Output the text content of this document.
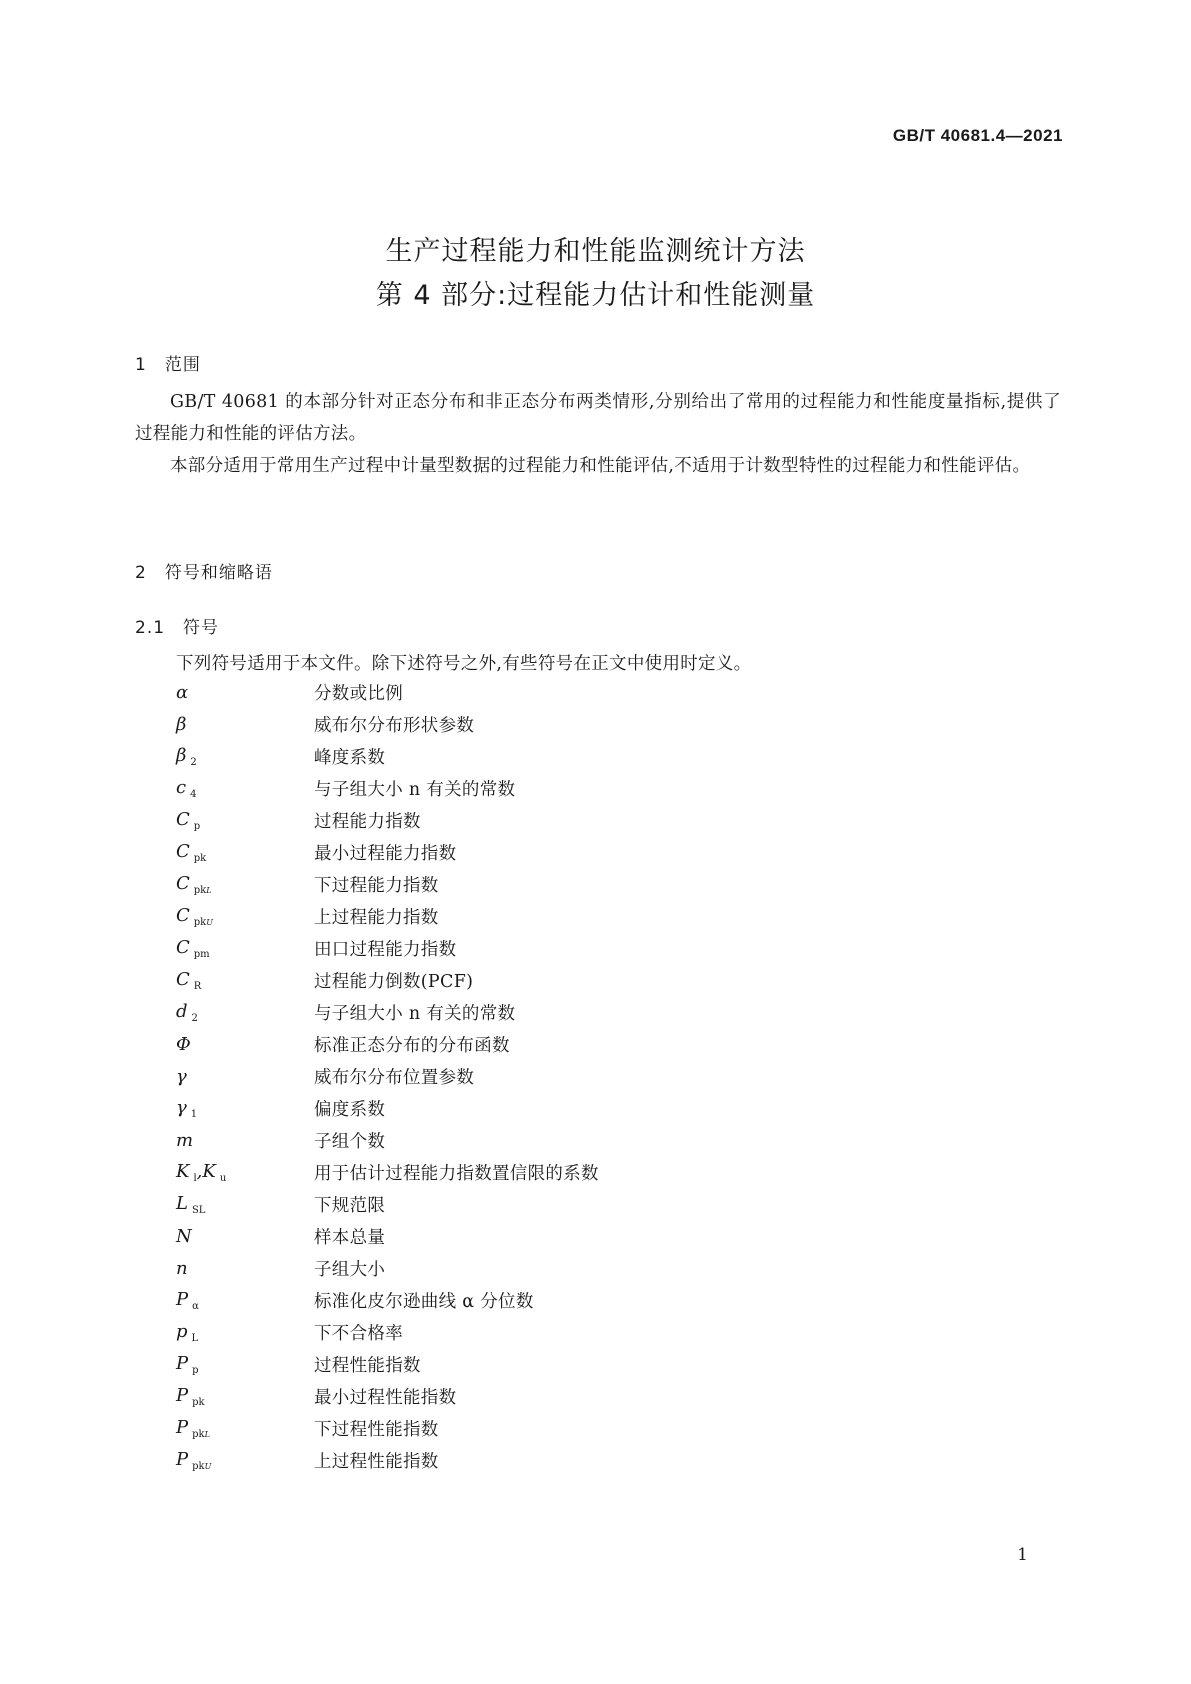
GB/T 40681.4—2021
生产过程能力和性能监测统计方法
第 4 部分:过程能力估计和性能测量
1 范围

GB/T 40681 的本部分针对正态分布和非正态分布两类情形,分别给出了常用的过程能力和性能度量指标,提供了过程能力和性能的评估方法。

本部分适用于常用生产过程中计量型数据的过程能力和性能评估,不适用于计数型特性的过程能力和性能评估。

2 符号和缩略语
2.1 符号
下列符号适用于本文件。除下述符号之外,有些符号在正文中使用时定义。
α	分数或比例
β	威布尔分布形状参数
β $_2$	峰度系数
c $_4$	与子组大小 n 有关的常数
C $_p$	过程能力指数
C $_{pk}$	最小过程能力指数
C $_{pkL}$	下过程能力指数
C $_{pkU}$	上过程能力指数
C $_{pm}$	田口过程能力指数
C $_R$	过程能力倒数(PCF)
d $_2$	与子组大小 n 有关的常数
Φ	标准正态分布的分布函数
γ	威布尔分布位置参数
γ $_1$	偏度系数
m	子组个数
K $_l$,K $_u$	用于估计过程能力指数置信限的系数
L $_{SL}$	下规范限
N	样本总量
n	子组大小
P $_\alpha$	标准化皮尔逊曲线 α 分位数
p $_L$	下不合格率
P $_p$	过程性能指数
P $_{pk}$	最小过程性能指数
P $_{pkL}$	下过程性能指数
P $_{pkU}$	上过程性能指数
1
